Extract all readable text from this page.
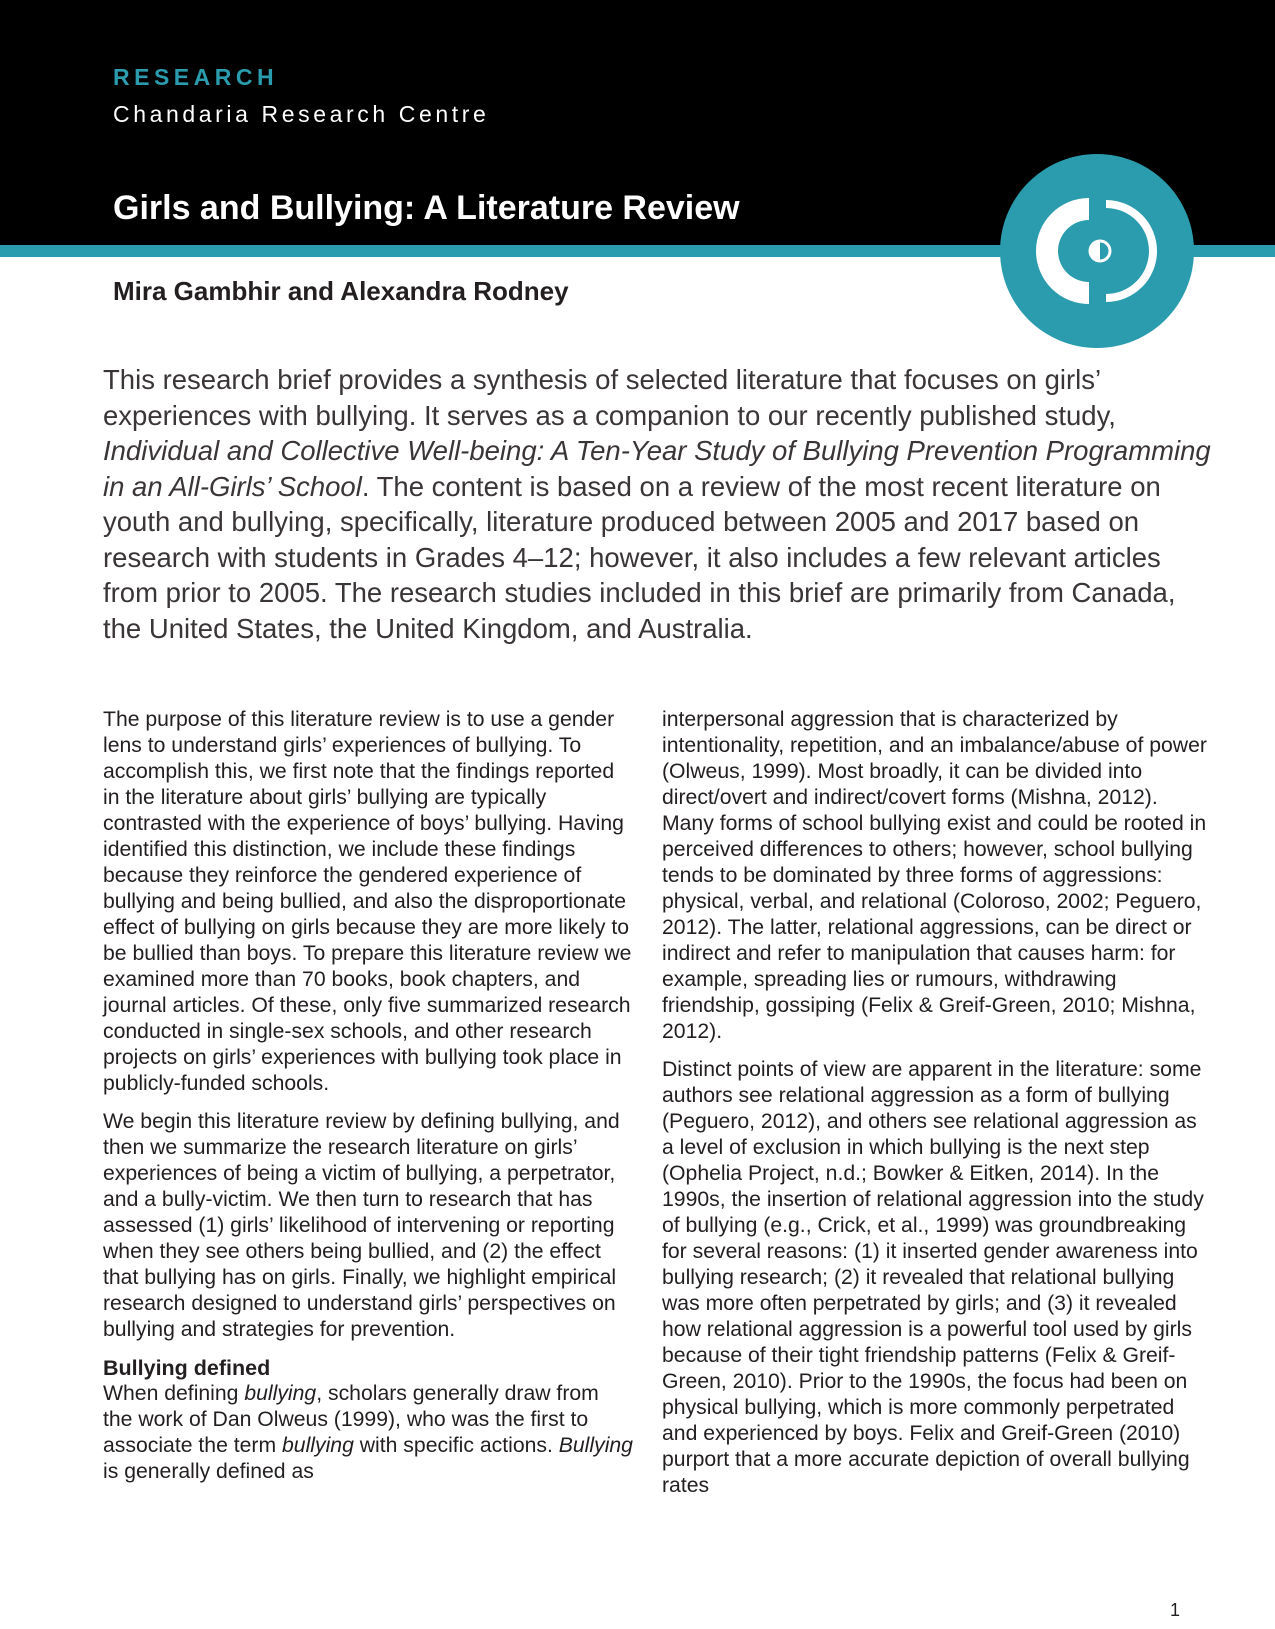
RESEARCH
Chandaria Research Centre
Girls and Bullying: A Literature Review
Mira Gambhir and Alexandra Rodney

This research brief provides a synthesis of selected literature that focuses on girls’ experiences with bullying. It serves as a companion to our recently published study, Individual and Collective Well-being: A Ten-Year Study of Bullying Prevention Programming in an All-Girls’ School. The content is based on a review of the most recent literature on youth and bullying, specifically, literature produced between 2005 and 2017 based on research with students in Grades 4–12; however, it also includes a few relevant articles from prior to 2005. The research studies included in this brief are primarily from Canada, the United States, the United Kingdom, and Australia.

The purpose of this literature review is to use a gender lens to understand girls’ experiences of bullying. To accomplish this, we first note that the findings reported in the literature about girls’ bullying are typically contrasted with the experience of boys’ bullying. Having identified this distinction, we include these findings because they reinforce the gendered experience of bullying and being bullied, and also the disproportionate effect of bullying on girls because they are more likely to be bullied than boys. To prepare this literature review we examined more than 70 books, book chapters, and journal articles. Of these, only five summarized research conducted in single-sex schools, and other research projects on girls’ experiences with bullying took place in publicly-funded schools.

We begin this literature review by defining bullying, and then we summarize the research literature on girls’ experiences of being a victim of bullying, a perpetrator, and a bully-victim. We then turn to research that has assessed (1) girls’ likelihood of intervening or reporting when they see others being bullied, and (2) the effect that bullying has on girls. Finally, we highlight empirical research designed to understand girls’ perspectives on bullying and strategies for prevention.

Bullying defined

When defining bullying, scholars generally draw from the work of Dan Olweus (1999), who was the first to associate the term bullying with specific actions. Bullying is generally defined as

interpersonal aggression that is characterized by intentionality, repetition, and an imbalance/abuse of power (Olweus, 1999). Most broadly, it can be divided into direct/overt and indirect/covert forms (Mishna, 2012). Many forms of school bullying exist and could be rooted in perceived differences to others; however, school bullying tends to be dominated by three forms of aggressions: physical, verbal, and relational (Coloroso, 2002; Peguero, 2012). The latter, relational aggressions, can be direct or indirect and refer to manipulation that causes harm: for example, spreading lies or rumours, withdrawing friendship, gossiping (Felix & Greif-Green, 2010; Mishna, 2012).

Distinct points of view are apparent in the literature: some authors see relational aggression as a form of bullying (Peguero, 2012), and others see relational aggression as a level of exclusion in which bullying is the next step (Ophelia Project, n.d.; Bowker & Eitken, 2014). In the 1990s, the insertion of relational aggression into the study of bullying (e.g., Crick, et al., 1999) was groundbreaking for several reasons: (1) it inserted gender awareness into bullying research; (2) it revealed that relational bullying was more often perpetrated by girls; and (3) it revealed how relational aggression is a powerful tool used by girls because of their tight friendship patterns (Felix & Greif-Green, 2010). Prior to the 1990s, the focus had been on physical bullying, which is more commonly perpetrated and experienced by boys. Felix and Greif-Green (2010) purport that a more accurate depiction of overall bullying rates

1
